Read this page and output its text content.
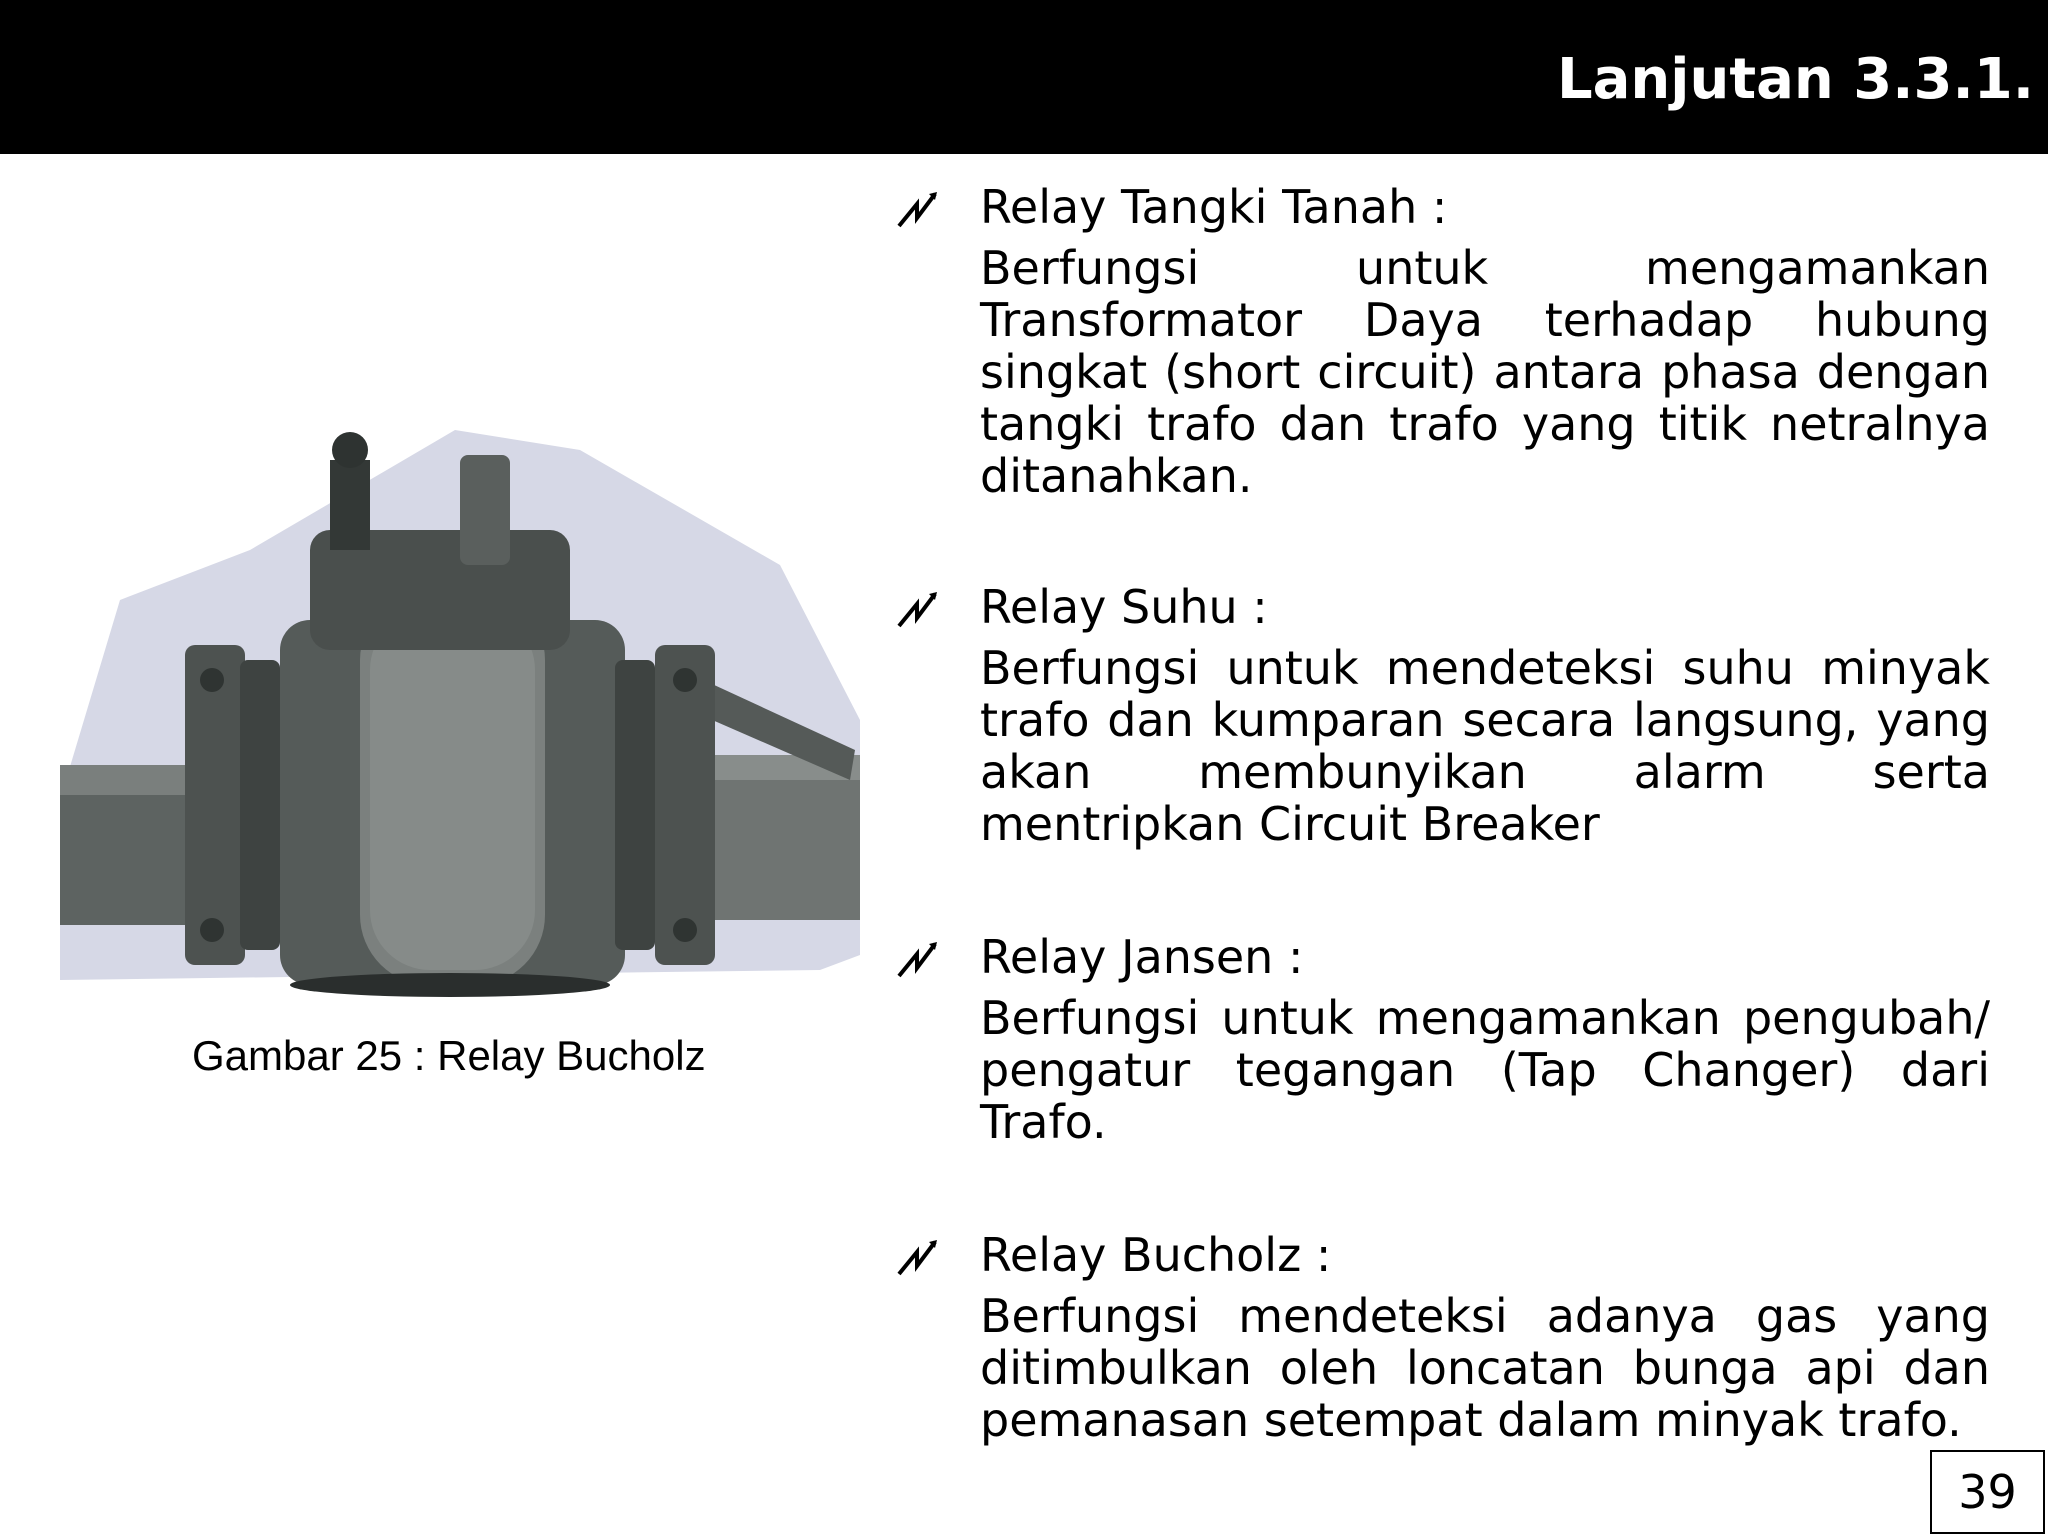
Lanjutan 3.3.1.
Gambar 25 : Relay Bucholz
Relay Tangki Tanah :

Berfungsi untuk mengamankan Transformator Daya terhadap hubung singkat (short circuit) antara phasa dengan tangki trafo dan trafo yang titik netralnya ditanahkan.

Relay Suhu :

Berfungsi untuk mendeteksi suhu minyak trafo dan kumparan secara langsung, yang akan membunyikan alarm serta mentripkan Circuit Breaker

Relay Jansen :

Berfungsi untuk mengamankan pengubah/ pengatur tegangan (Tap Changer) dari Trafo.

Relay Bucholz :

Berfungsi mendeteksi adanya gas yang ditimbulkan oleh loncatan bunga api dan pemanasan setempat dalam minyak trafo.

39
